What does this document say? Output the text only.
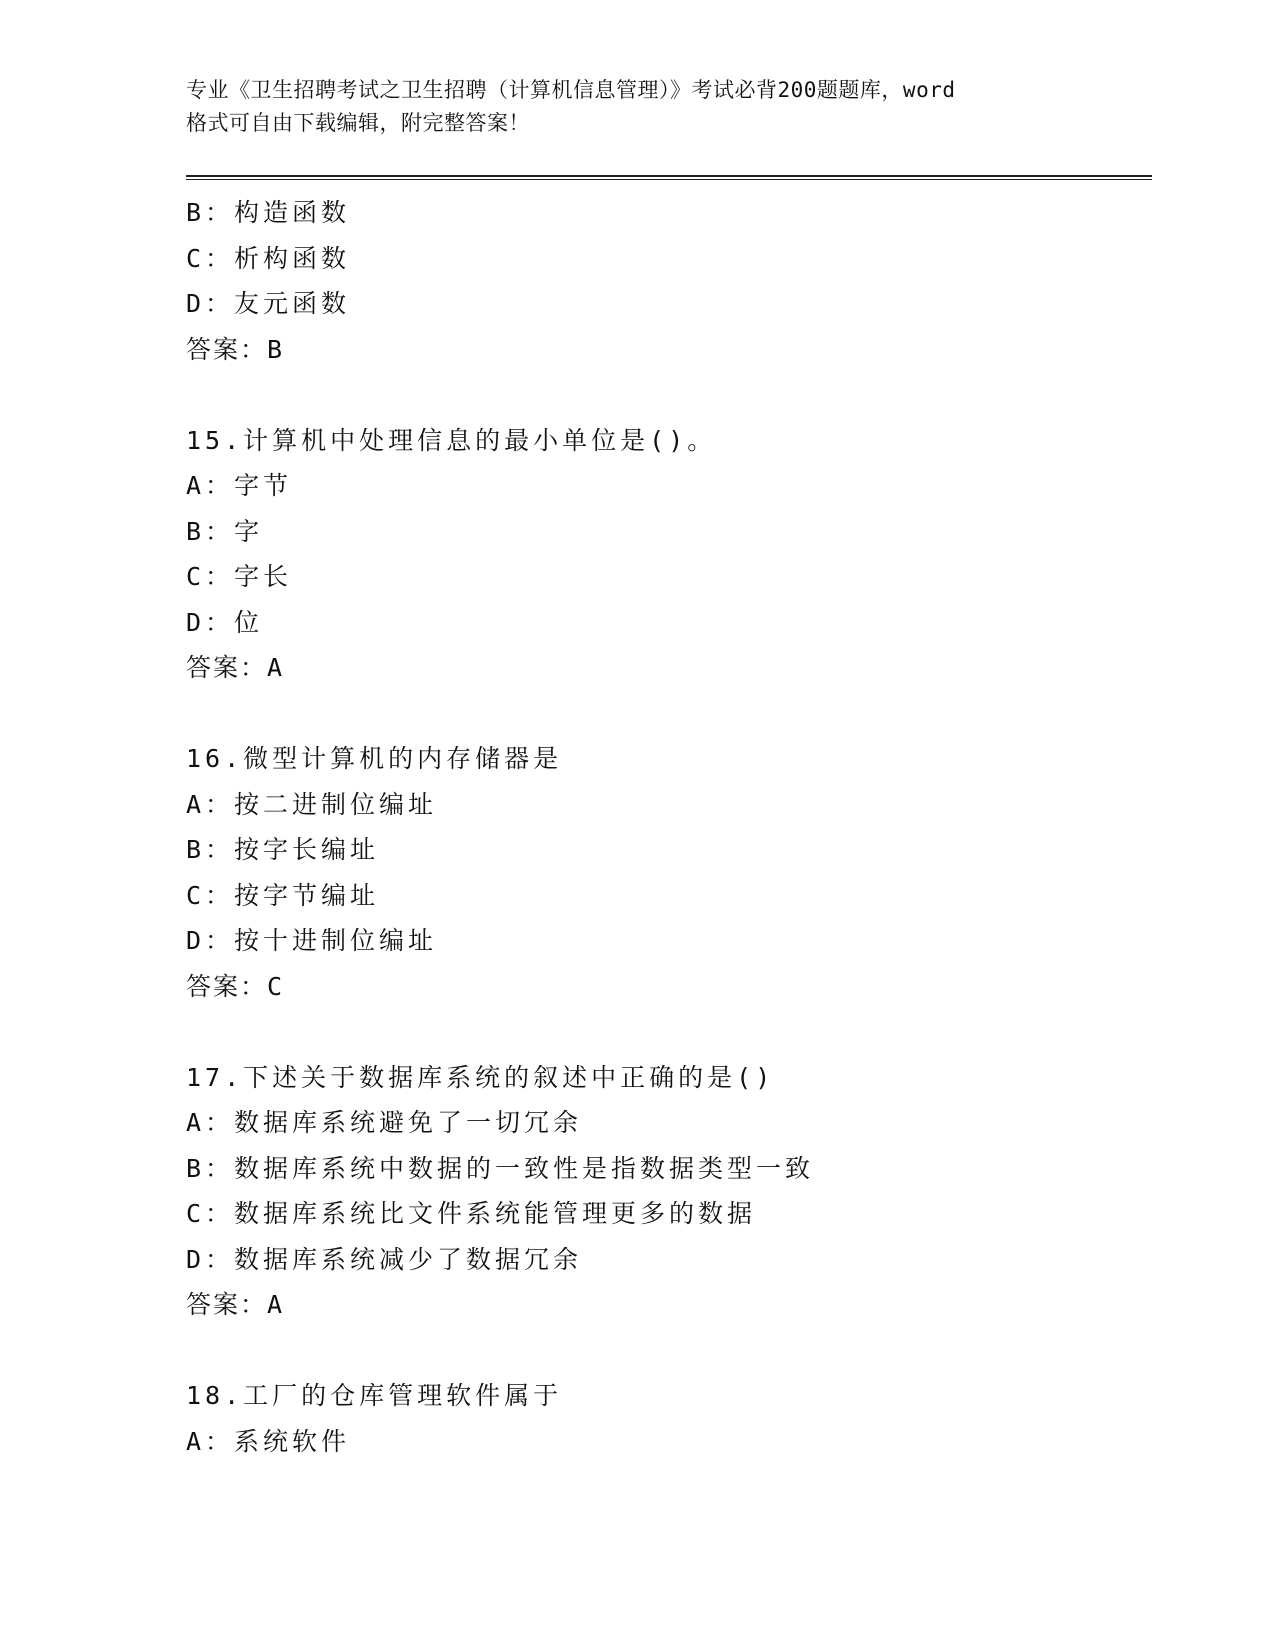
专业《卫生招聘考试之卫生招聘（计算机信息管理）》考试必背200题题库，word
格式可自由下载编辑，附完整答案！
B：构造函数
C：析构函数
D：友元函数
答案：B
15.计算机中处理信息的最小单位是()。
A：字节
B：字
C：字长
D：位
答案：A
16.微型计算机的内存储器是
A：按二进制位编址
B：按字长编址
C：按字节编址
D：按十进制位编址
答案：C
17.下述关于数据库系统的叙述中正确的是()
A：数据库系统避免了一切冗余
B：数据库系统中数据的一致性是指数据类型一致
C：数据库系统比文件系统能管理更多的数据
D：数据库系统减少了数据冗余
答案：A
18.工厂的仓库管理软件属于
A：系统软件
